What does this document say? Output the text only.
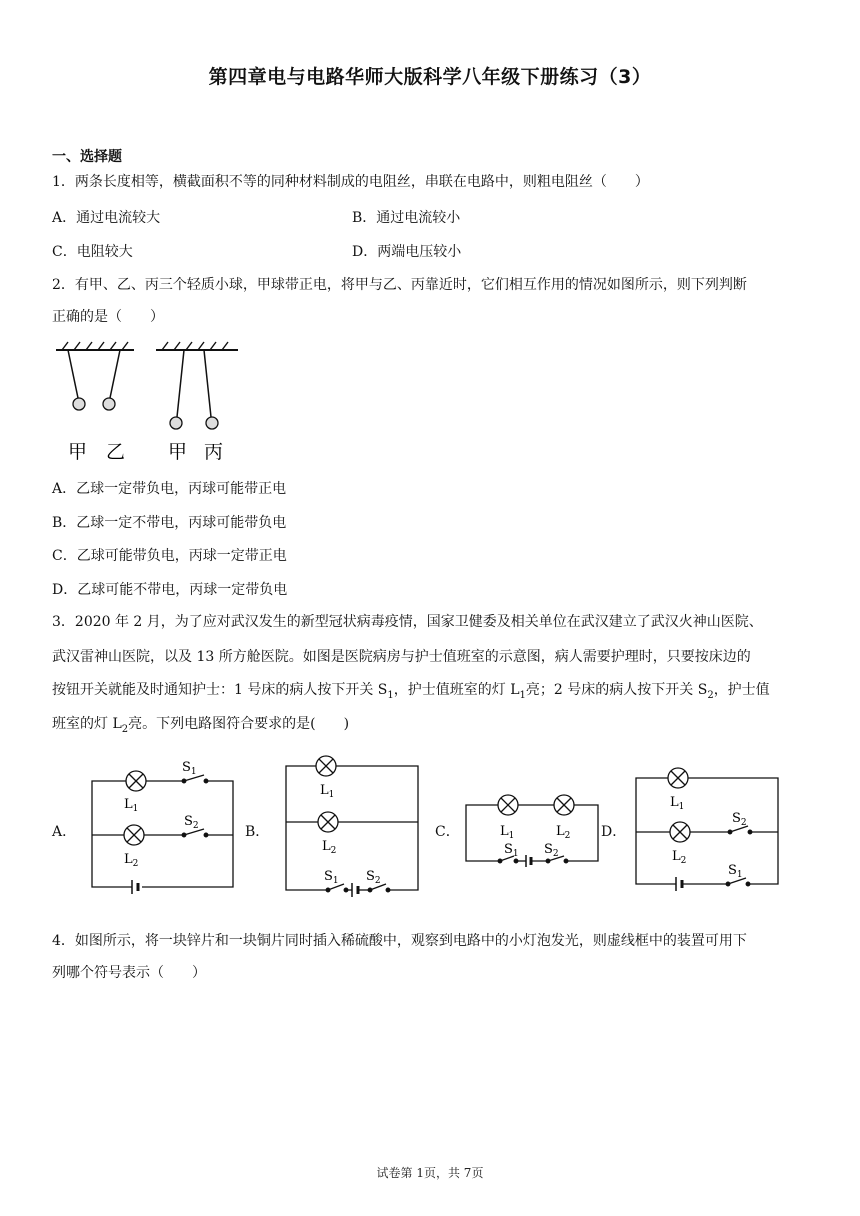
第四章电与电路华师大版科学八年级下册练习（3）
一、选择题
1．两条长度相等，横截面积不等的同种材料制成的电阻丝，串联在电路中，则粗电阻丝（　　）
A．通过电流较大	B．通过电流较小
C．电阻较大	D．两端电压较小
2．有甲、乙、丙三个轻质小球，甲球带正电，将甲与乙、丙靠近时，它们相互作用的情况如图所示，则下列判断
正确的是（　　）
甲 乙 甲 丙
A．乙球一定带负电，丙球可能带正电
B．乙球一定不带电，丙球可能带负电
C．乙球可能带负电，丙球一定带正电
D．乙球可能不带电，丙球一定带负电
3．2020 年 2 月，为了应对武汉发生的新型冠状病毒疫情，国家卫健委及相关单位在武汉建立了武汉火神山医院、
武汉雷神山医院，以及 13 所方舱医院。如图是医院病房与护士值班室的示意图，病人需要护理时，只要按床边的
按钮开关就能及时通知护士：1 号床的病人按下开关 $S_1$，护士值班室的灯 $L_1$亮；2 号床的病人按下开关 $S_2$，护士值
班室的灯 $L_2$亮。下列电路图符合要求的是(　　)
A．	B．	C．	D．
$L_1$
$S_1$
$L_2$
$S_2$
$L_1$
$L_2$
$S_1$ $S_2$
$L_1$	$L_2$
$S_1$ $S_2$
$L_1$
$S_2$
$L_2$
$S_1$
4．如图所示，将一块锌片和一块铜片同时插入稀硫酸中，观察到电路中的小灯泡发光，则虚线框中的装置可用下
列哪个符号表示（　　）
试卷第 1页，共 7页
